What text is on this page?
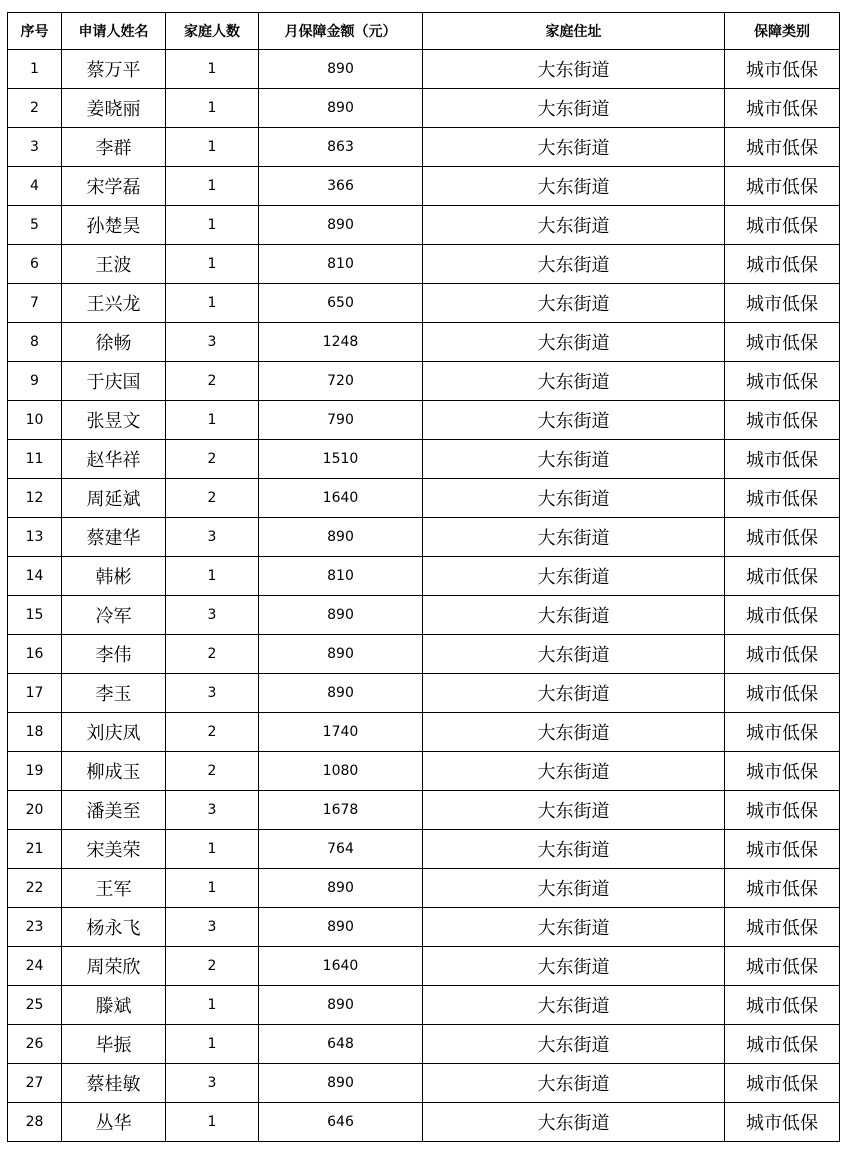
序号	申请人姓名	家庭人数	月保障金额（元）	家庭住址	保障类别
1	蔡万平	1	890	大东街道	城市低保
2	姜晓丽	1	890	大东街道	城市低保
3	李群	1	863	大东街道	城市低保
4	宋学磊	1	366	大东街道	城市低保
5	孙楚昊	1	890	大东街道	城市低保
6	王波	1	810	大东街道	城市低保
7	王兴龙	1	650	大东街道	城市低保
8	徐畅	3	1248	大东街道	城市低保
9	于庆国	2	720	大东街道	城市低保
10	张昱文	1	790	大东街道	城市低保
11	赵华祥	2	1510	大东街道	城市低保
12	周延斌	2	1640	大东街道	城市低保
13	蔡建华	3	890	大东街道	城市低保
14	韩彬	1	810	大东街道	城市低保
15	冷军	3	890	大东街道	城市低保
16	李伟	2	890	大东街道	城市低保
17	李玉	3	890	大东街道	城市低保
18	刘庆凤	2	1740	大东街道	城市低保
19	柳成玉	2	1080	大东街道	城市低保
20	潘美至	3	1678	大东街道	城市低保
21	宋美荣	1	764	大东街道	城市低保
22	王军	1	890	大东街道	城市低保
23	杨永飞	3	890	大东街道	城市低保
24	周荣欣	2	1640	大东街道	城市低保
25	滕斌	1	890	大东街道	城市低保
26	毕振	1	648	大东街道	城市低保
27	蔡桂敏	3	890	大东街道	城市低保
28	丛华	1	646	大东街道	城市低保
